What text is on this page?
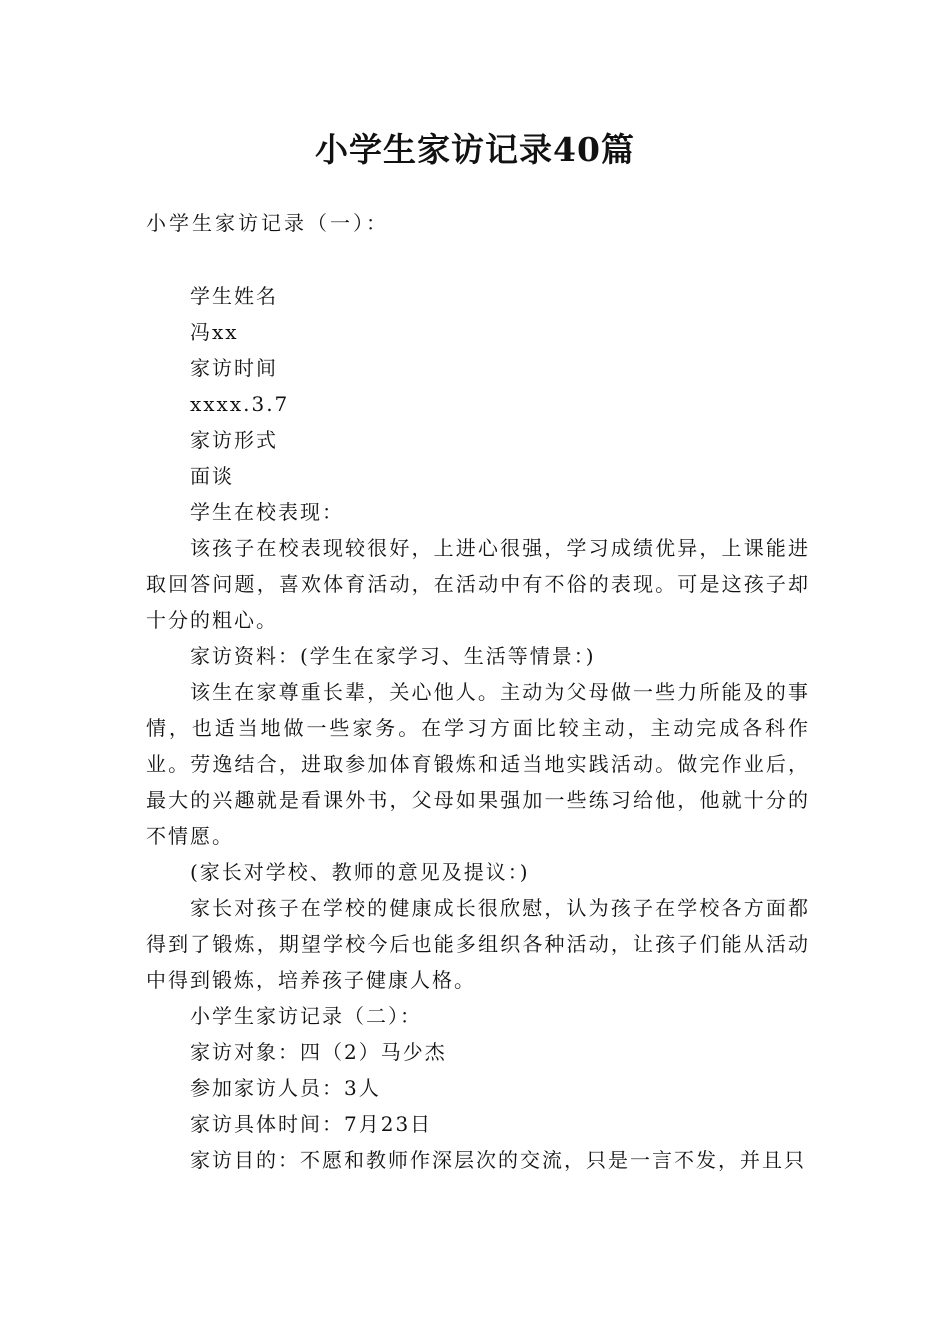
小学生家访记录40篇

小学生家访记录（一）：

学生姓名

冯xx

家访时间

xxxx.3.7

家访形式

面谈

学生在校表现：

该孩子在校表现较很好，上进心很强，学习成绩优异，上课能进取回答问题，喜欢体育活动，在活动中有不俗的表现。可是这孩子却十分的粗心。

家访资料：(学生在家学习、生活等情景：)

该生在家尊重长辈，关心他人。主动为父母做一些力所能及的事情，也适当地做一些家务。在学习方面比较主动，主动完成各科作业。劳逸结合，进取参加体育锻炼和适当地实践活动。做完作业后，最大的兴趣就是看课外书，父母如果强加一些练习给他，他就十分的不情愿。

(家长对学校、教师的意见及提议：)

家长对孩子在学校的健康成长很欣慰，认为孩子在学校各方面都得到了锻炼，期望学校今后也能多组织各种活动，让孩子们能从活动中得到锻炼，培养孩子健康人格。

小学生家访记录（二）：

家访对象：四（2）马少杰

参加家访人员：3人

家访具体时间：7月23日

家访目的：不愿和教师作深层次的交流，只是一言不发，并且只
